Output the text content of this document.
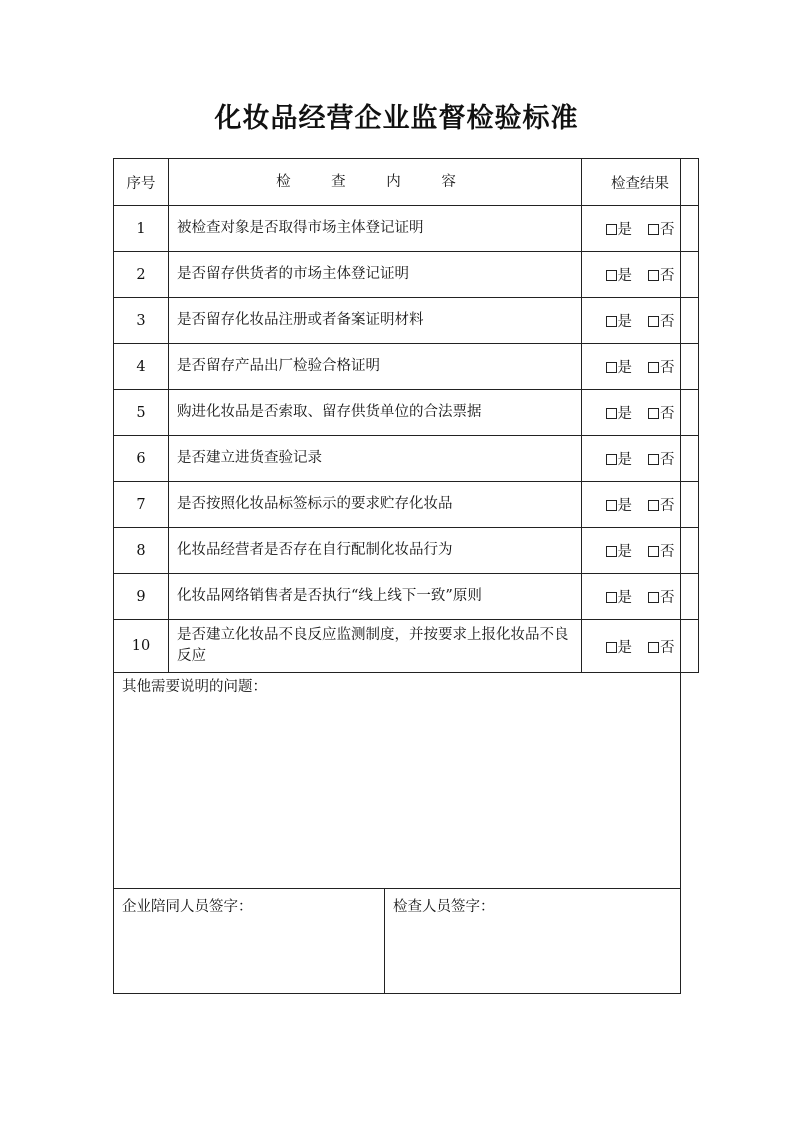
化妆品经营企业监督检验标准
序号	检 查 内 容	检查结果
1	被检查对象是否取得市场主体登记证明	是 否
2	是否留存供货者的市场主体登记证明	是 否
3	是否留存化妆品注册或者备案证明材料	是 否
4	是否留存产品出厂检验合格证明	是 否
5	购进化妆品是否索取、留存供货单位的合法票据	是 否
6	是否建立进货查验记录	是 否
7	是否按照化妆品标签标示的要求贮存化妆品	是 否
8	化妆品经营者是否存在自行配制化妆品行为	是 否
9	化妆品网络销售者是否执行“线上线下一致”原则	是 否
10	是否建立化妆品不良反应监测制度，并按要求上报化妆品不良反应	是 否
其他需要说明的问题：
企业陪同人员签字：	检查人员签字：
